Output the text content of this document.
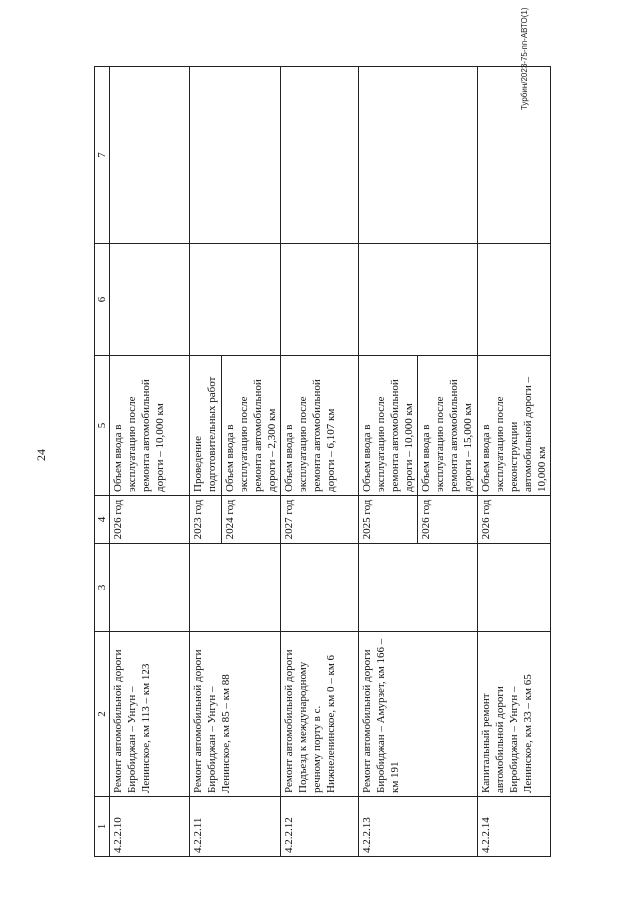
24
Турбин/2023-75-пп-АВТО(1)
1	2	3	4	5	6	7
4.2.2.10	Ремонт автомобильной дороги Биробиджан – Унгун – Ленинское, км 113 – км 123		2026 год	Объем ввода в эксплуатацию после ремонта автомобильной дороги – 10,000 км		
4.2.2.11	Ремонт автомобильной дороги Биробиджан – Унгун – Ленинское, км 85 – км 88		2023 год	Проведение подготовительных работ		
			2024 год	Объем ввода в эксплуатацию после ремонта автомобильной дороги – 2,300 км		
4.2.2.12	Ремонт автомобильной дороги Подъезд к международному речному порту в с. Нижнеленинское, км 0 – км 6		2027 год	Объем ввода в эксплуатацию после ремонта автомобильной дороги – 6,107 км		
4.2.2.13	Ремонт автомобильной дороги Биробиджан – Амурзет, км 166 – км 191		2025 год	Объем ввода в эксплуатацию после ремонта автомобильной дороги – 10,000 км		
			2026 год	Объем ввода в эксплуатацию после ремонта автомобильной дороги – 15,000 км		
4.2.2.14	Капитальный ремонт автомобильной дороги Биробиджан – Унгун – Ленинское, км 33 – км 65		2026 год	Объем ввода в эксплуатацию после реконструкции автомобильной дороги – 10,000 км		
